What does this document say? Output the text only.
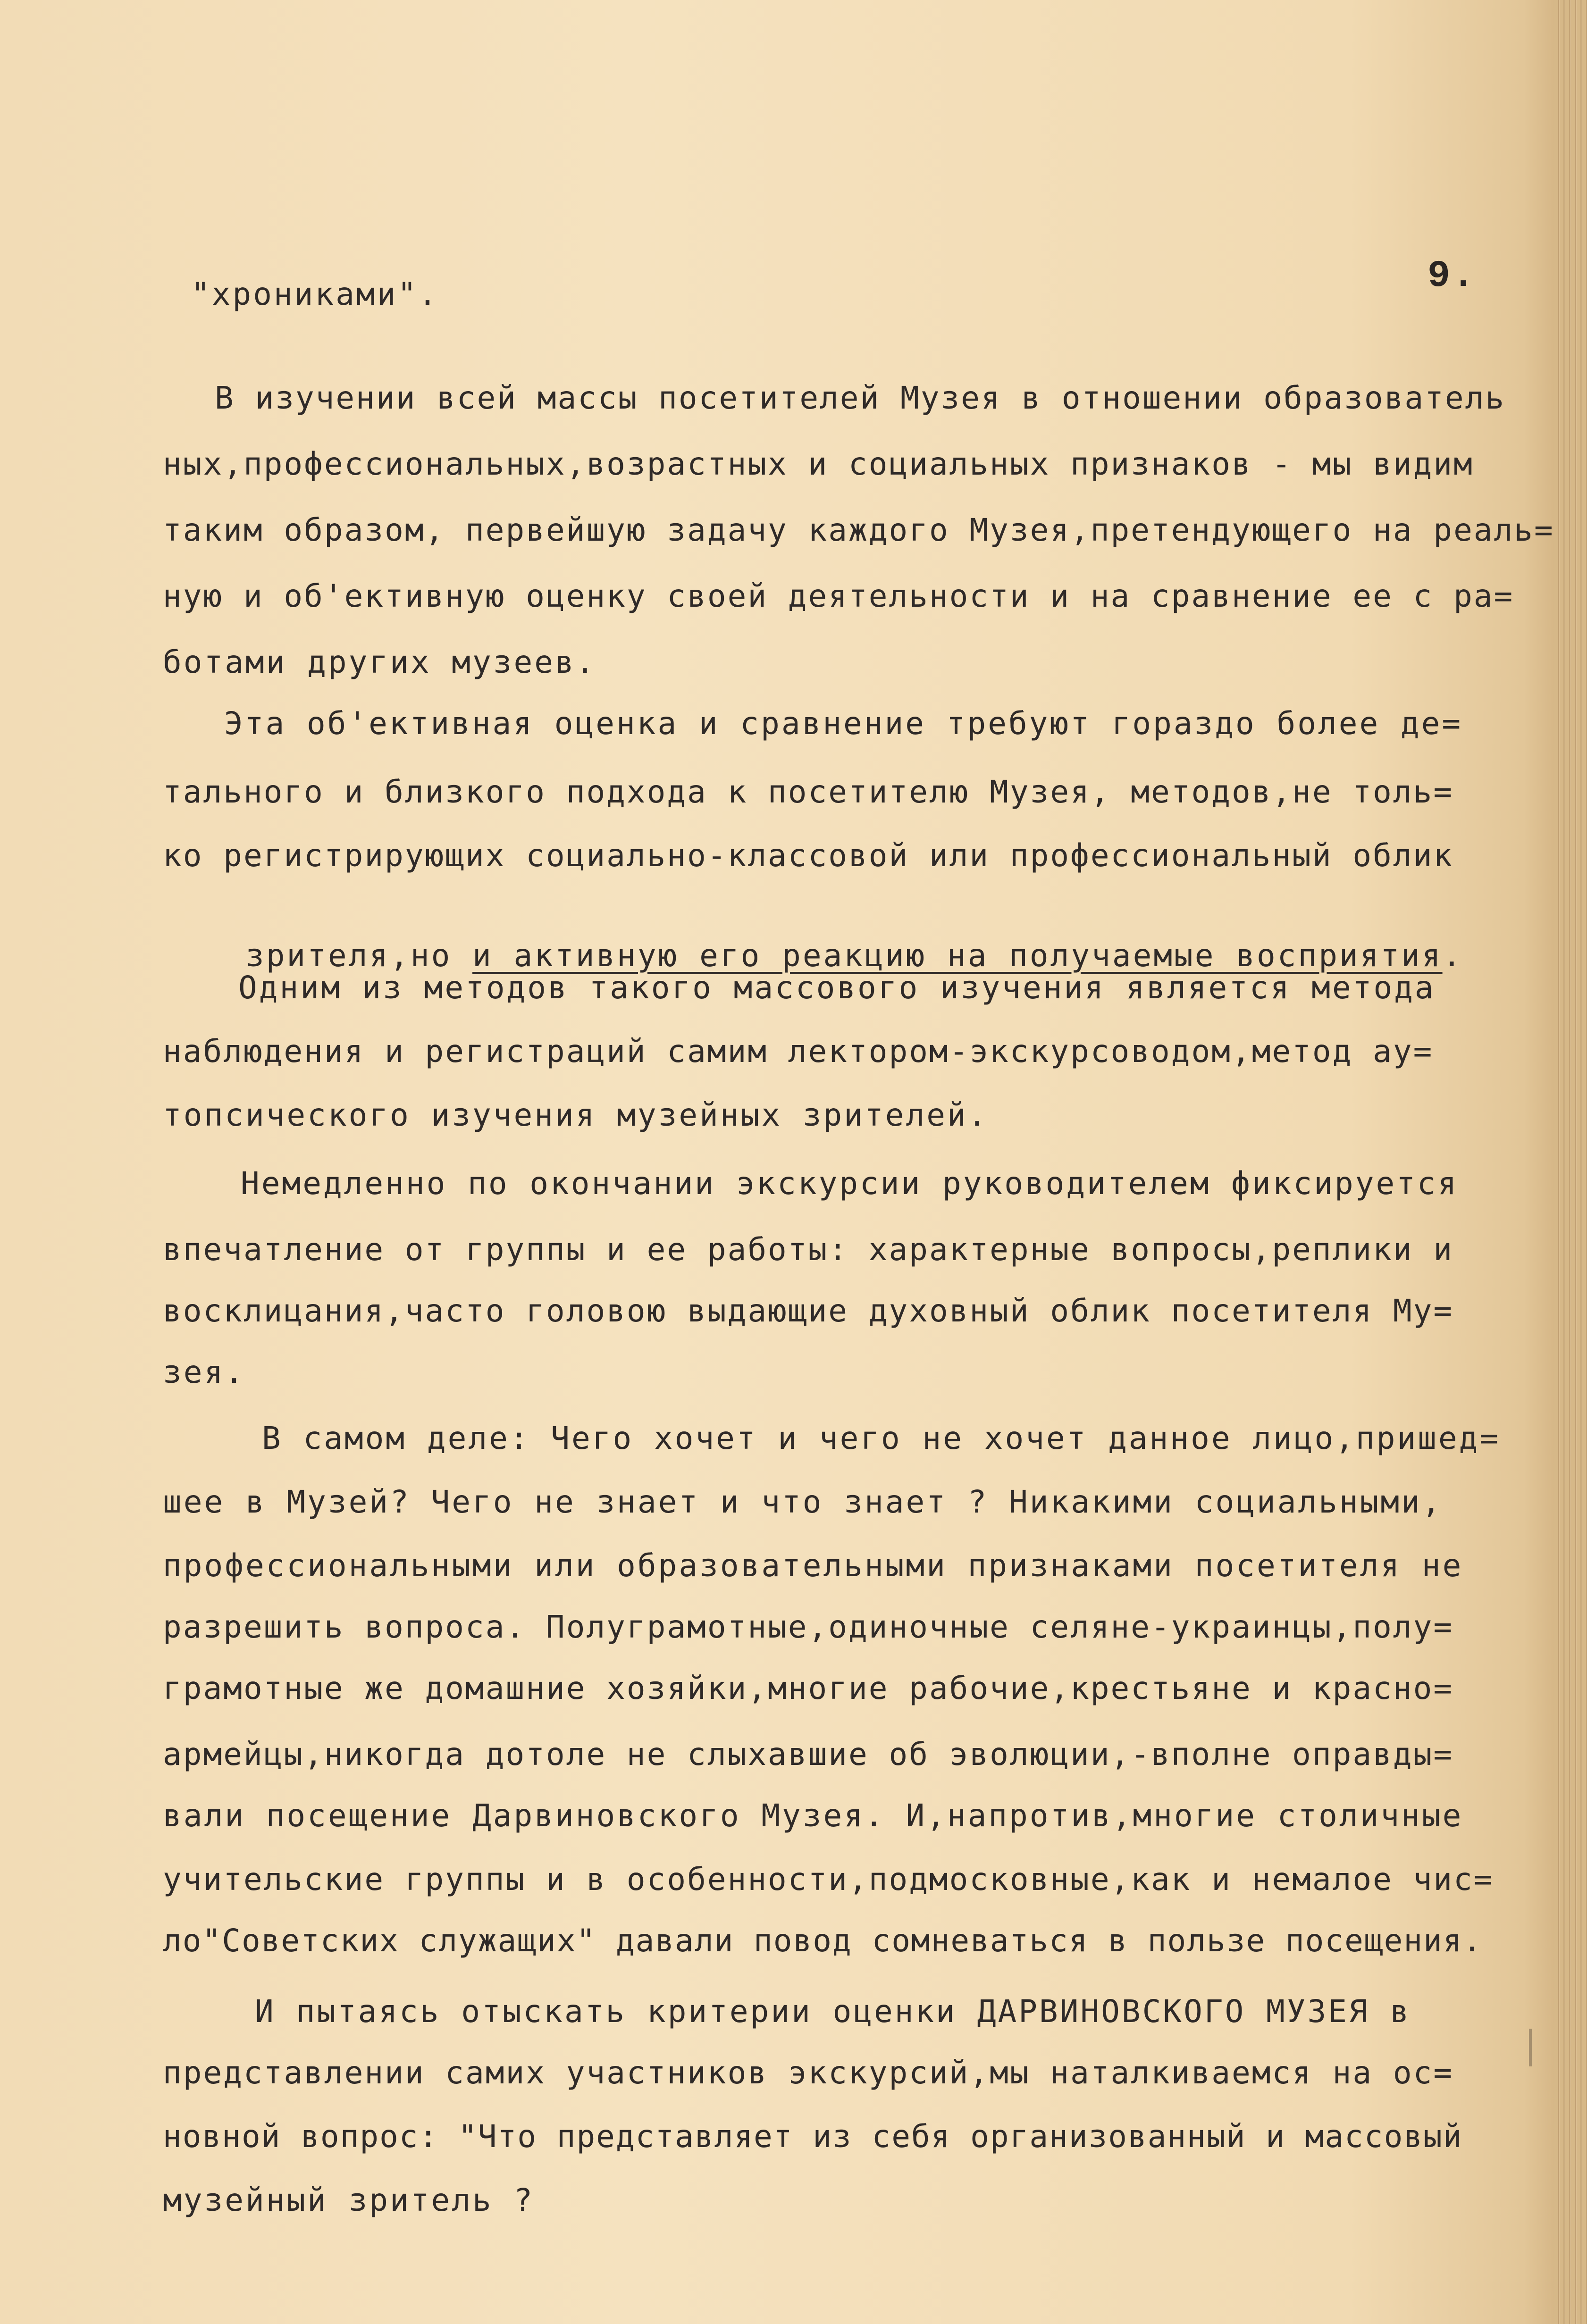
9.

"хрониками".

В изучении всей массы посетителей Музея в отношении образователь

ных,профессиональных,возрастных и социальных признаков - мы видим

таким образом, первейшую задачу каждого Музея,претендующего на реаль=

ную и об'ективную оценку своей деятельности и на сравнение ее с ра=

ботами других музеев.

Эта об'ективная оценка и сравнение требуют гораздо более де=

тального и близкого подхода к посетителю Музея, методов,не толь=

ко регистрирующих социально-классовой или профессиональный облик

зрителя,но и активную его реакцию на получаемые восприятия.

Одним из методов такого массового изучения является метода

наблюдения и регистраций самим лектором-экскурсоводом,метод ау=

топсического изучения музейных зрителей.

Немедленно по окончании экскурсии руководителем фиксируется

впечатление от группы и ее работы: характерные вопросы,реплики и

восклицания,часто головою выдающие духовный облик посетителя Му=

зея.

В самом деле: Чего хочет и чего не хочет данное лицо,пришед=

шее в Музей? Чего не знает и что знает ? Никакими социальными,

профессиональными или образовательными признаками посетителя не

разрешить вопроса. Полуграмотные,одиночные селяне-украинцы,полу=

грамотные же домашние хозяйки,многие рабочие,крестьяне и красно=

армейцы,никогда дотоле не слыхавшие об эволюции,-вполне оправды=

вали посещение Дарвиновского Музея. И,напротив,многие столичные

учительские группы и в особенности,подмосковные,как и немалое чис=

ло"Советских служащих" давали повод сомневаться в пользе посещения.

И пытаясь отыскать критерии оценки ДАРВИНОВСКОГО МУЗЕЯ в

представлении самих участников экскурсий,мы наталкиваемся на ос=

новной вопрос: "Что представляет из себя организованный и массовый

музейный зритель ?
